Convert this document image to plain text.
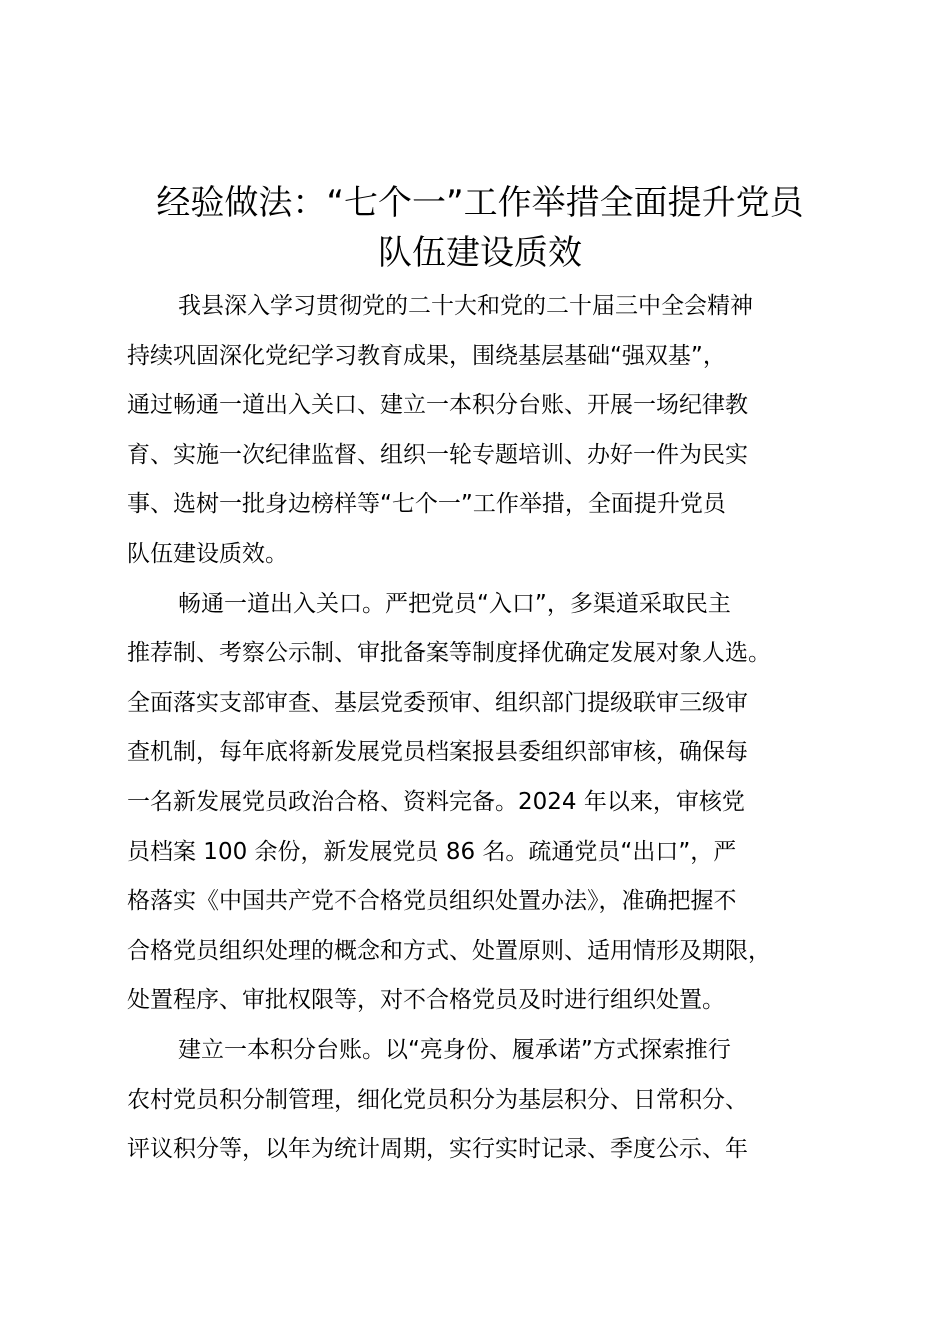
经验做法：“七个一”工作举措全面提升党员
队伍建设质效

我县深入学习贯彻党的二十大和党的二十届三中全会精神
持续巩固深化党纪学习教育成果，围绕基层基础“强双基”，
通过畅通一道出入关口、建立一本积分台账、开展一场纪律教
育、实施一次纪律监督、组织一轮专题培训、办好一件为民实
事、选树一批身边榜样等“七个一”工作举措，全面提升党员
队伍建设质效。

畅通一道出入关口。严把党员“入口”，多渠道采取民主
推荐制、考察公示制、审批备案等制度择优确定发展对象人选。
全面落实支部审查、基层党委预审、组织部门提级联审三级审
查机制，每年底将新发展党员档案报县委组织部审核，确保每
一名新发展党员政治合格、资料完备。2024 年以来，审核党
员档案 100 余份，新发展党员 86 名。疏通党员“出口”，严
格落实《中国共产党不合格党员组织处置办法》，准确把握不
合格党员组织处理的概念和方式、处置原则、适用情形及期限，
处置程序、审批权限等，对不合格党员及时进行组织处置。

建立一本积分台账。以“亮身份、履承诺”方式探索推行
农村党员积分制管理，细化党员积分为基层积分、日常积分、
评议积分等，以年为统计周期，实行实时记录、季度公示、年
